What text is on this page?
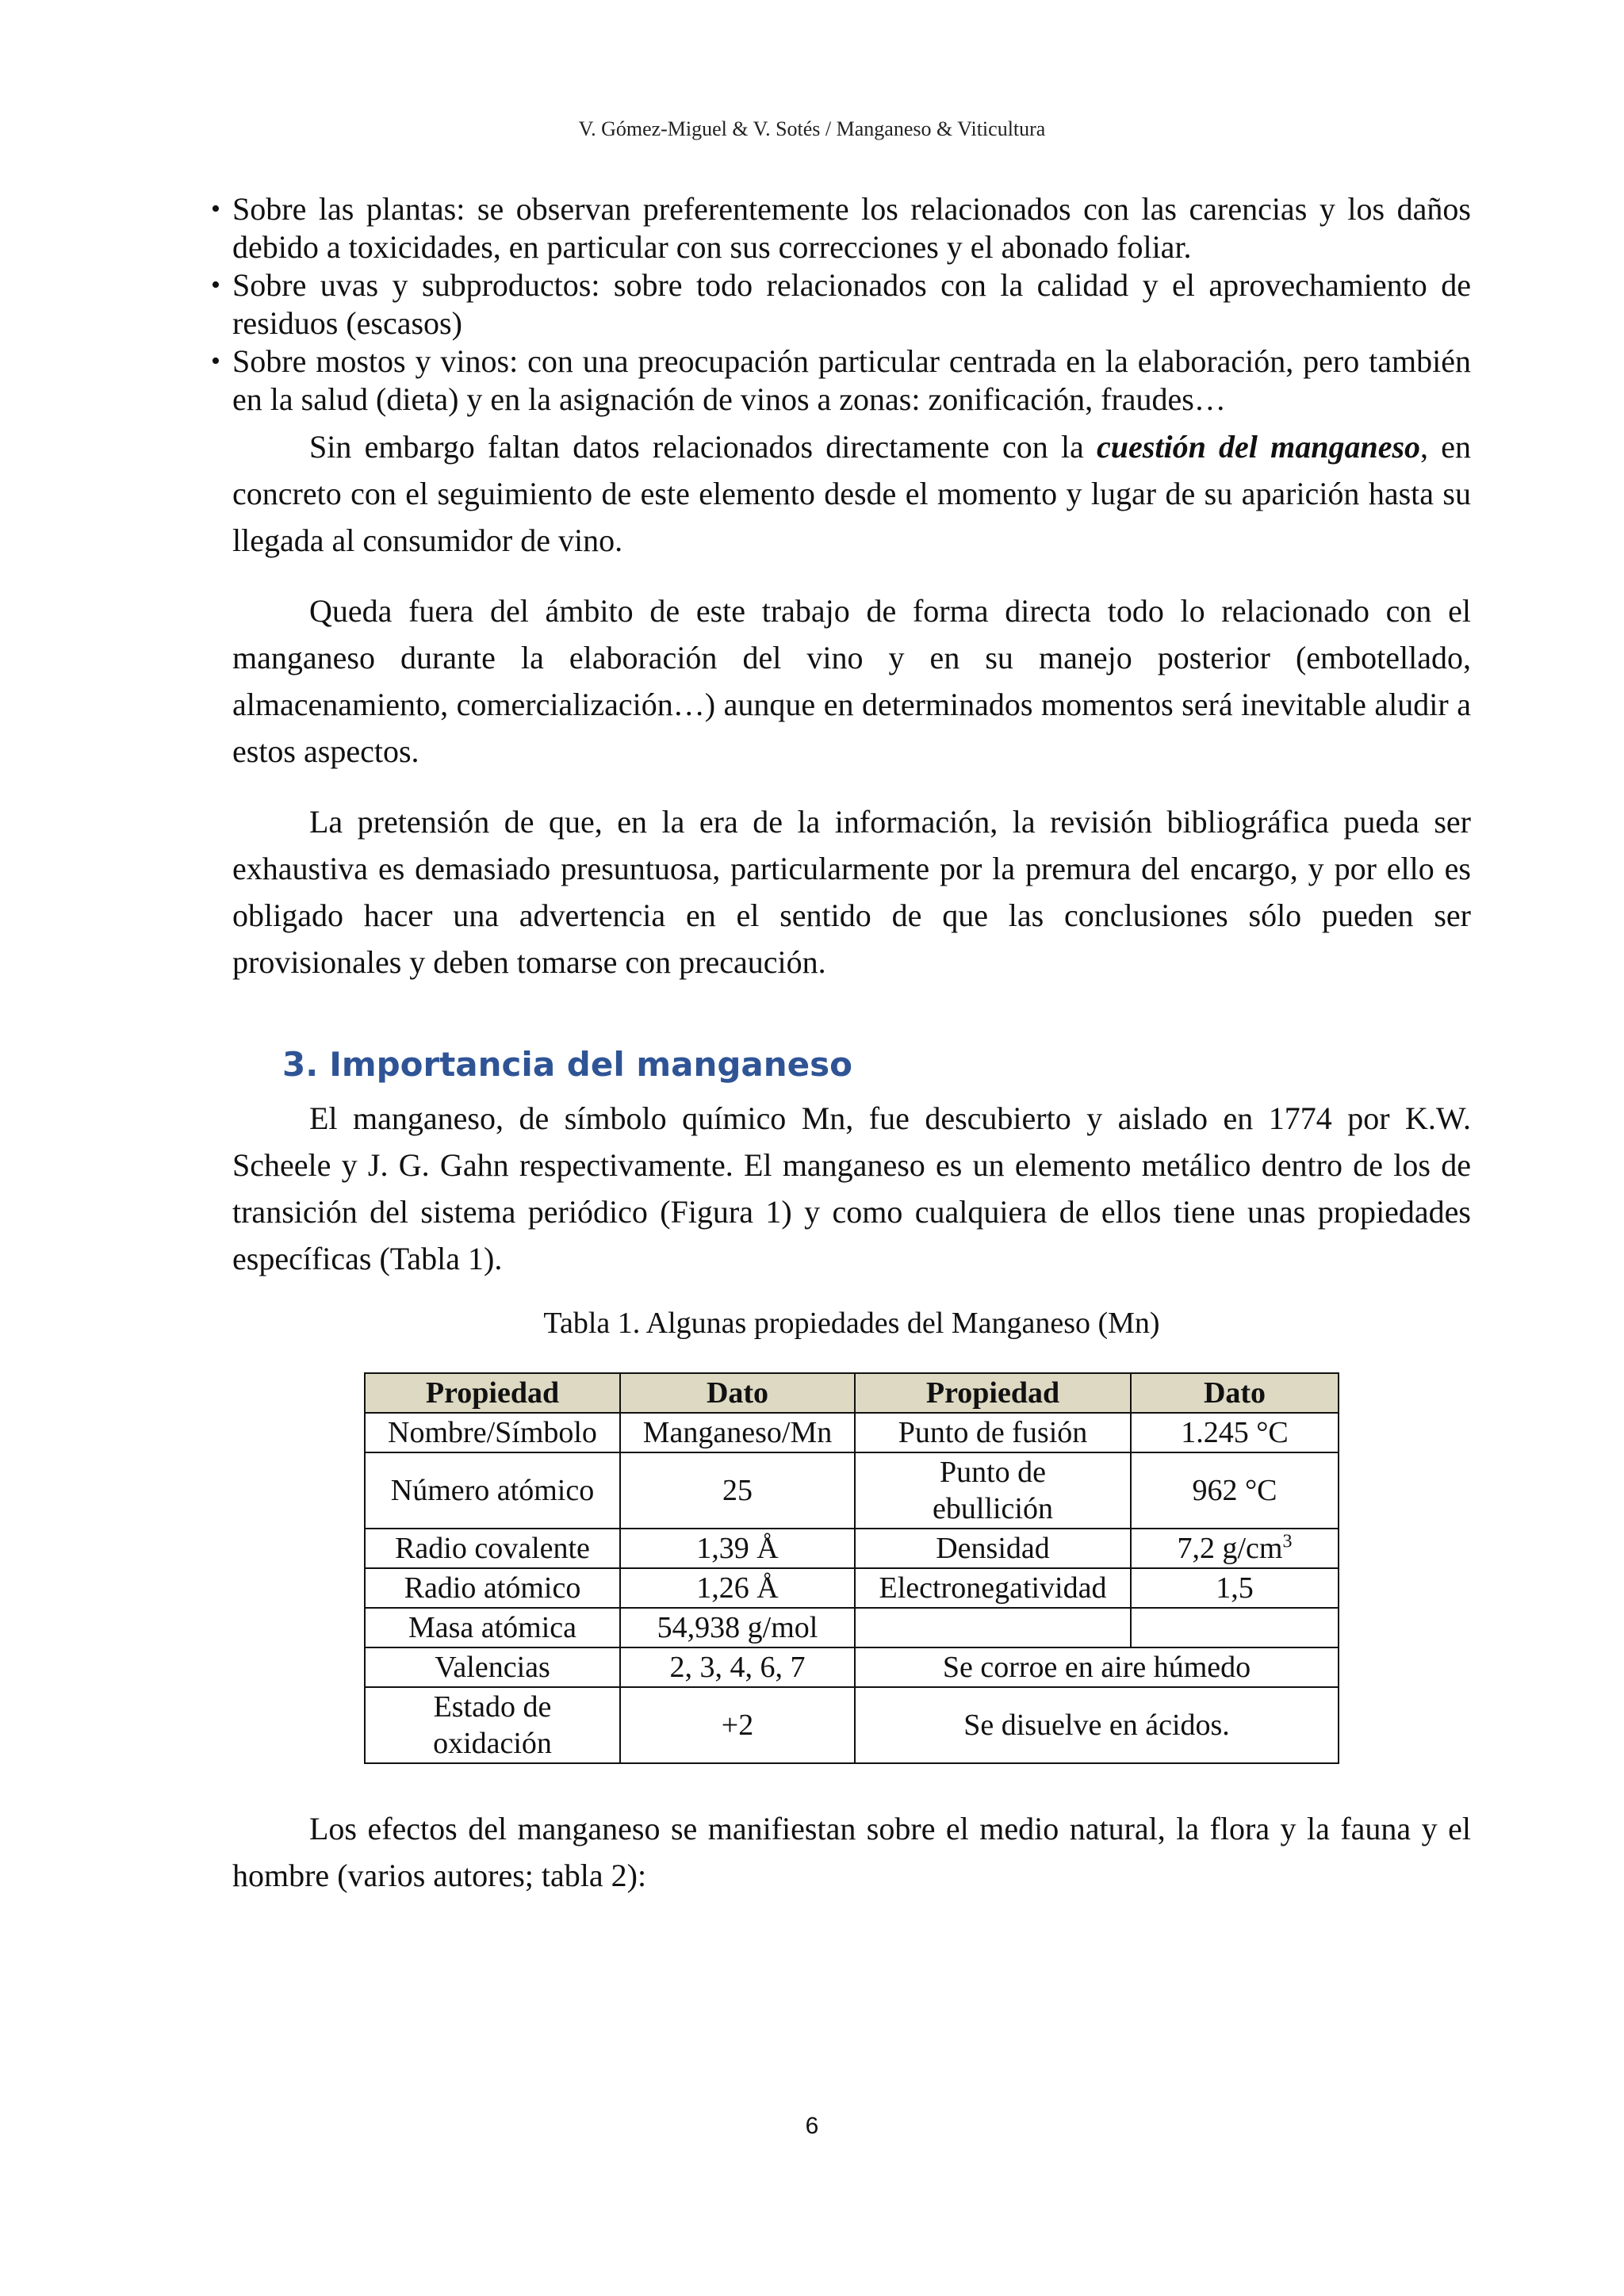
V. Gómez-Miguel & V. Sotés / Manganeso & Viticultura
• Sobre las plantas: se observan preferentemente los relacionados con las carencias y los daños debido a toxicidades, en particular con sus correcciones y el abonado foliar.
• Sobre uvas y subproductos: sobre todo relacionados con la calidad y el aprovechamiento de residuos (escasos)
• Sobre mostos y vinos: con una preocupación particular centrada en la elaboración, pero también en la salud (dieta) y en la asignación de vinos a zonas: zonificación, fraudes…

Sin embargo faltan datos relacionados directamente con la cuestión del manganeso, en concreto con el seguimiento de este elemento desde el momento y lugar de su aparición hasta su llegada al consumidor de vino.

Queda fuera del ámbito de este trabajo de forma directa todo lo relacionado con el manganeso durante la elaboración del vino y en su manejo posterior (embotellado, almacenamiento, comercialización…) aunque en determinados momentos será inevitable aludir a estos aspectos.

La pretensión de que, en la era de la información, la revisión bibliográfica pueda ser exhaustiva es demasiado presuntuosa, particularmente por la premura del encargo, y por ello es obligado hacer una advertencia en el sentido de que las conclusiones sólo pueden ser provisionales y deben tomarse con precaución.

3. Importancia del manganeso

El manganeso, de símbolo químico Mn, fue descubierto y aislado en 1774 por K.W. Scheele y J. G. Gahn respectivamente. El manganeso es un elemento metálico dentro de los de transición del sistema periódico (Figura 1) y como cualquiera de ellos tiene unas propiedades específicas (Tabla 1).

Tabla 1. Algunas propiedades del Manganeso (Mn)
Propiedad	Dato	Propiedad	Dato
Nombre/Símbolo	Manganeso/Mn	Punto de fusión	1.245 °C
Número atómico	25	Punto de ebullición	962 °C
Radio covalente	1,39 Å	Densidad	7,2 $g/cm^3$
Radio atómico	1,26 Å	Electronegatividad	1,5
Masa atómica	54,938 g/mol		
Valencias	2, 3, 4, 6, 7	Se corroe en aire húmedo	
Estado de oxidación	+2	Se disuelve en ácidos.	

Los efectos del manganeso se manifiestan sobre el medio natural, la flora y la fauna y el hombre (varios autores; tabla 2):

6
